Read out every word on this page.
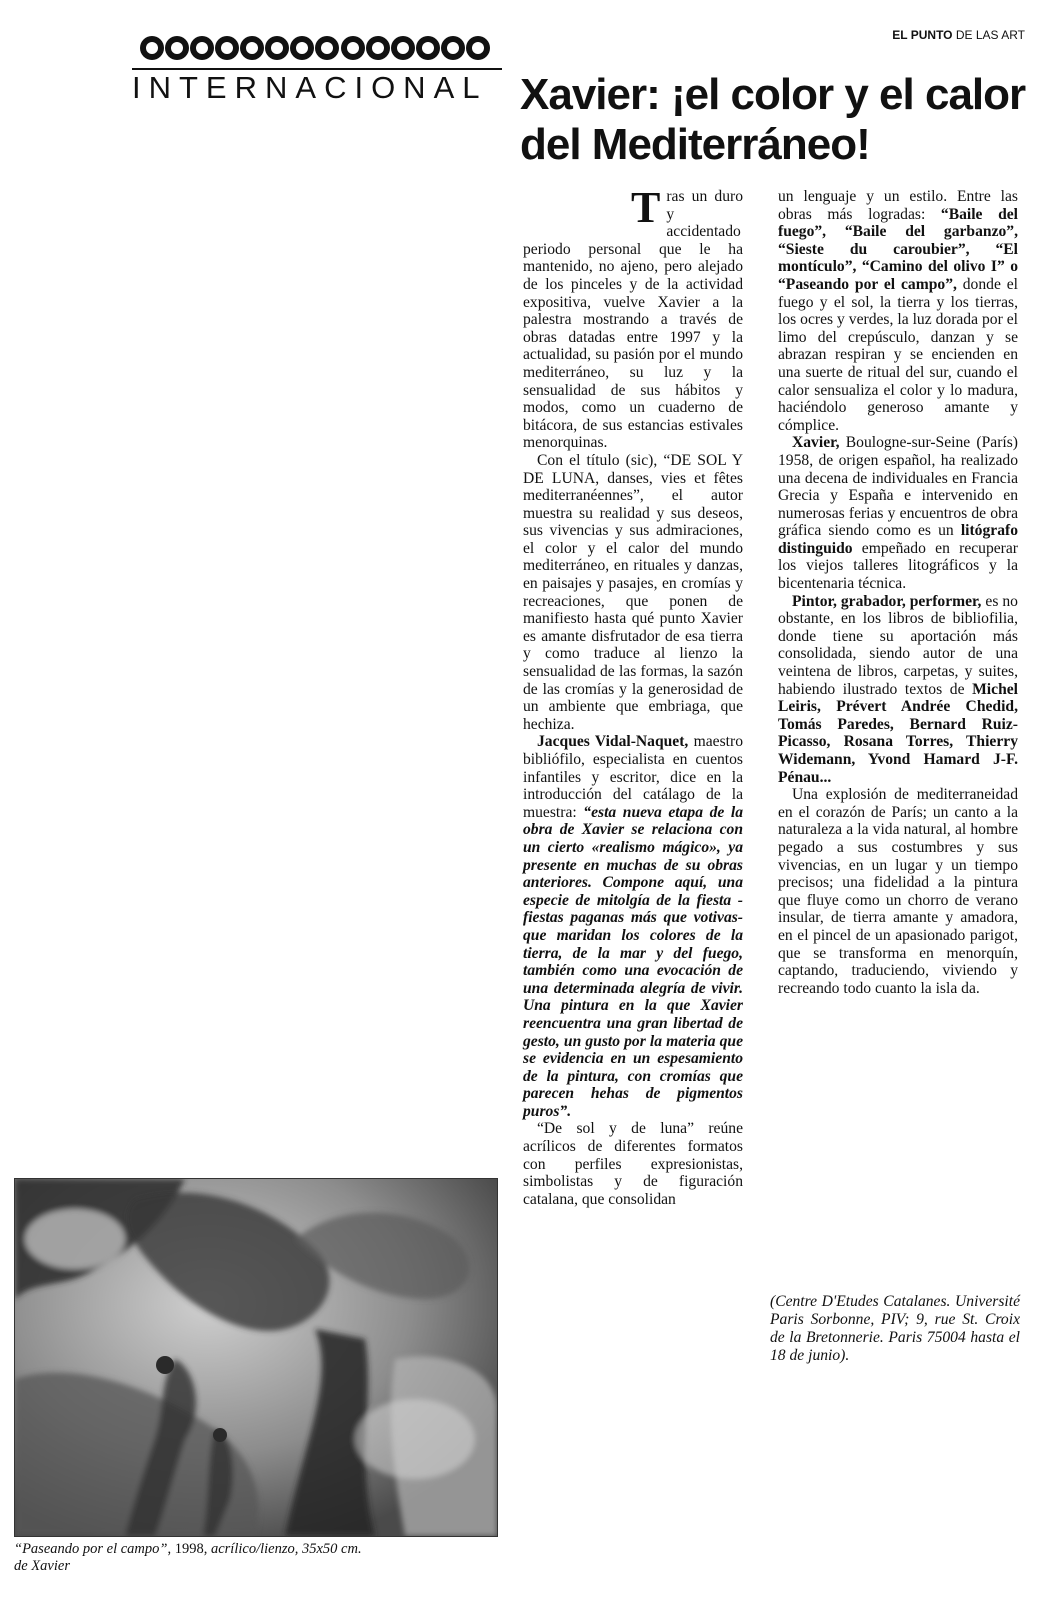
INTERNACIONAL
EL PUNTO DE LAS ART
Xavier: ¡el color y el calor del Mediterráneo!

Tras un duro y accidentado periodo personal que le ha mantenido, no ajeno, pero alejado de los pinceles y de la actividad expositiva, vuelve Xavier a la palestra mostrando a través de obras datadas entre 1997 y la actualidad, su pasión por el mundo mediterráneo, su luz y la sensualidad de sus hábitos y modos, como un cuaderno de bitácora, de sus estancias estivales menorquinas.

Con el título (sic), “DE SOL Y DE LUNA, danses, vies et fêtes mediterranéennes”, el autor muestra su realidad y sus deseos, sus vivencias y sus admiraciones, el color y el calor del mundo mediterráneo, en rituales y danzas, en paisajes y pasajes, en cromías y recreaciones, que ponen de manifiesto hasta qué punto Xavier es amante disfrutador de esa tierra y como traduce al lienzo la sensualidad de las formas, la sazón de las cromías y la generosidad de un ambiente que embriaga, que hechiza.

Jacques Vidal-Naquet, maestro bibliófilo, especialista en cuentos infantiles y escritor, dice en la introducción del catálago de la muestra: “esta nueva etapa de la obra de Xavier se relaciona con un cierto «realismo mágico», ya presente en muchas de su obras anteriores. Compone aquí, una especie de mitolgía de la fiesta -fiestas paganas más que votivas- que maridan los colores de la tierra, de la mar y del fuego, también como una evocación de una determinada alegría de vivir. Una pintura en la que Xavier reencuentra una gran libertad de gesto, un gusto por la materia que se evidencia en un espesamiento de la pintura, con cromías que parecen hehas de pigmentos puros”.

“De sol y de luna” reúne acrílicos de diferentes formatos con perfiles expresionistas, simbolistas y de figuración catalana, que consolidan

un lenguaje y un estilo. Entre las obras más logradas: “Baile del fuego”, “Baile del garbanzo”, “Sieste du caroubier”, “El montículo”, “Camino del olivo I” o “Paseando por el campo”, donde el fuego y el sol, la tierra y los tierras, los ocres y verdes, la luz dorada por el limo del crepúsculo, danzan y se abrazan respiran y se encienden en una suerte de ritual del sur, cuando el calor sensualiza el color y lo madura, haciéndolo generoso amante y cómplice.

Xavier, Boulogne-sur-Seine (París) 1958, de origen español, ha realizado una decena de individuales en Francia Grecia y España e intervenido en numerosas ferias y encuentros de obra gráfica siendo como es un litógrafo distinguido empeñado en recuperar los viejos talleres litográficos y la bicentenaria técnica.

Pintor, grabador, performer, es no obstante, en los libros de bibliofilia, donde tiene su aportación más consolidada, siendo autor de una veintena de libros, carpetas, y suites, habiendo ilustrado textos de Michel Leiris, Prévert Andrée Chedid, Tomás Paredes, Bernard Ruiz-Picasso, Rosana Torres, Thierry Widemann, Yvond Hamard J-F. Pénau...

Una explosión de mediterraneidad en el corazón de París; un canto a la naturaleza a la vida natural, al hombre pegado a sus costumbres y sus vivencias, en un lugar y un tiempo precisos; una fidelidad a la pintura que fluye como un chorro de verano insular, de tierra amante y amadora, en el pincel de un apasionado parigot, que se transforma en menorquín, captando, traduciendo, viviendo y recreando todo cuanto la isla da.

(Centre D'Etudes Catalanes. Université Paris Sorbonne, PIV; 9, rue St. Croix de la Bretonnerie. Paris 75004 hasta el 18 de junio).
“Paseando por el campo”, 1998, acrílico/lienzo, 35x50 cm.
de Xavier
